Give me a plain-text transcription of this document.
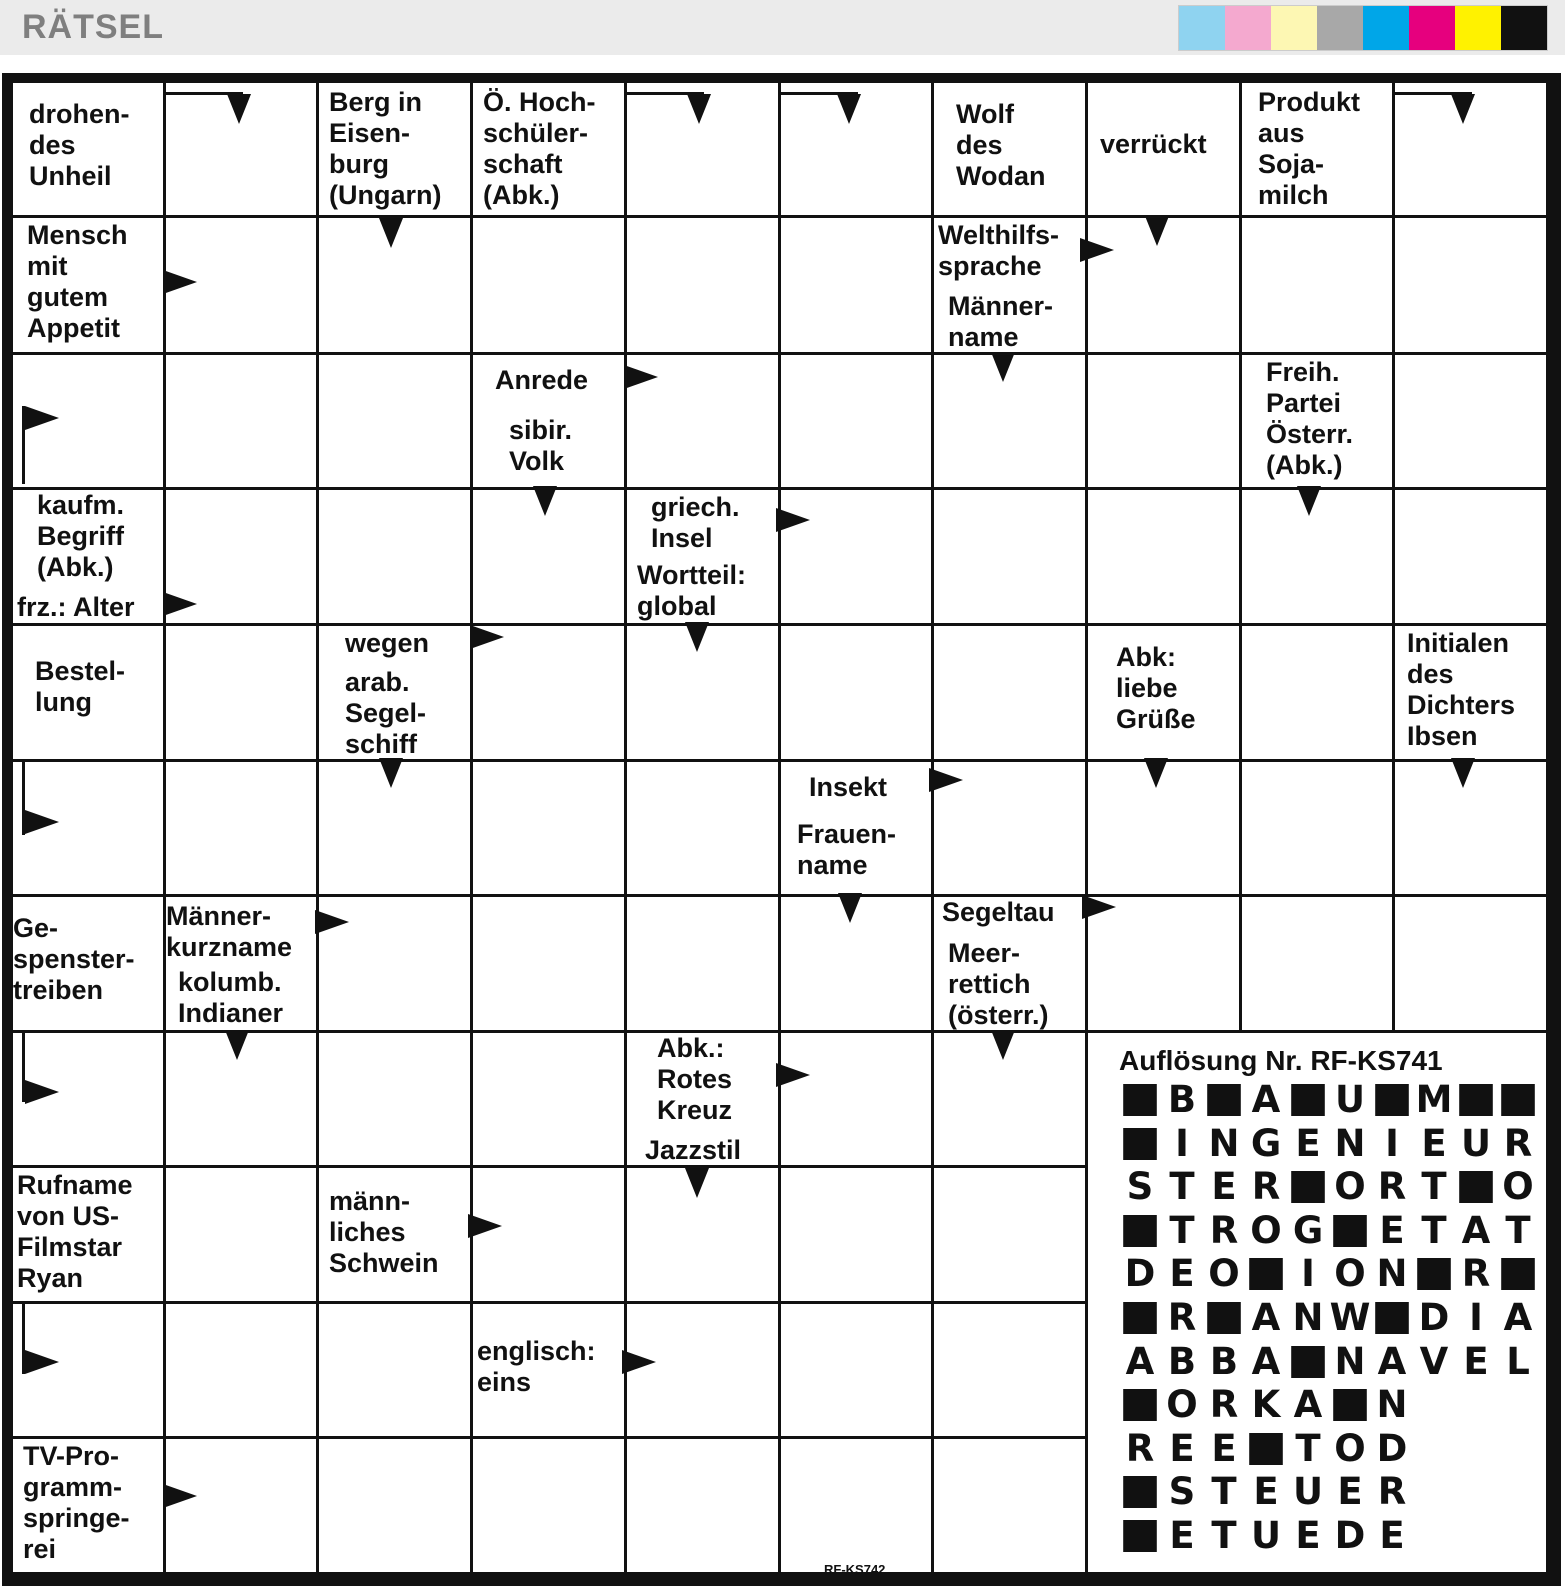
RÄTSEL
drohen-
des
Unheil
Berg in
Eisen-
burg
(Ungarn)
Ö. Hoch-
schüler-
schaft
(Abk.)
Wolf
des
Wodan
verrückt
Produkt
aus
Soja-
milch
Mensch
mit
gutem
Appetit
Welthilfs-
sprache
Männer-
name
Anrede
sibir.
Volk
Freih.
Partei
Österr.
(Abk.)
kaufm.
Begriff
(Abk.)
frz.: Alter
griech.
Insel
Wortteil:
global
Bestel-
lung
wegen
arab.
Segel-
schiff
Abk:
liebe
Grüße
Initialen
des
Dichters
Ibsen
Insekt
Frauen-
name
Ge-
spenster-
treiben
Männer-
kurzname
kolumb.
Indianer
Segeltau
Meer-
rettich
(österr.)
Abk.:
Rotes
Kreuz
Jazzstil
Rufname
von US-
Filmstar
Ryan
männ-
liches
Schwein
englisch:
eins
TV-Pro-
gramm-
springe-
rei
Auflösung Nr. RF-KS741
B A U M
I N G E N I E U R
S T E R O R T O
T R O G E T A T
D E O	I O N R
R A N W D I A
A B B A N A V E L
O R K A N
R E E T O D
S T E U E R
E T U E D E
RF-KS742
